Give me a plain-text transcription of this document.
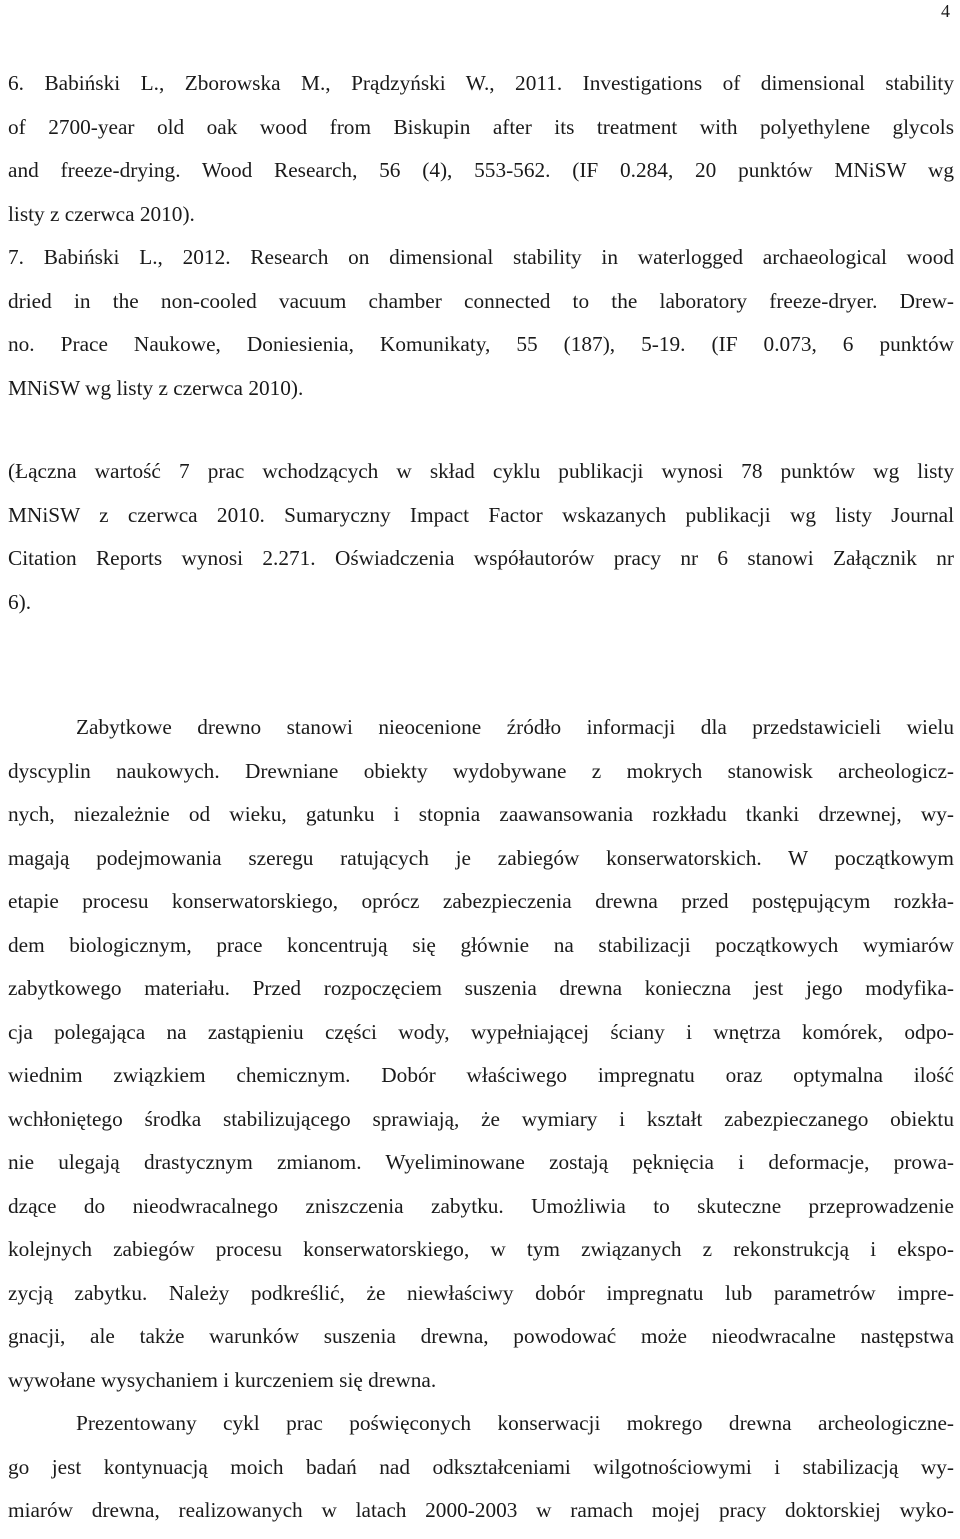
4
6. Babiński L., Zborowska M., Prądzyński W., 2011. Investigations of dimensional stability
of 2700-year old oak wood from Biskupin after its treatment with polyethylene glycols
and freeze-drying. Wood Research, 56 (4), 553-562. (IF 0.284, 20 punktów MNiSW wg
listy z czerwca 2010).
7. Babiński L., 2012. Research on dimensional stability in waterlogged archaeological wood
dried in the non-cooled vacuum chamber connected to the laboratory freeze-dryer. Drew-
no. Prace Naukowe, Doniesienia, Komunikaty, 55 (187), 5-19. (IF 0.073, 6 punktów
MNiSW wg listy z czerwca 2010).
(Łączna wartość 7 prac wchodzących w skład cyklu publikacji wynosi 78 punktów wg listy
MNiSW z czerwca 2010. Sumaryczny Impact Factor wskazanych publikacji wg listy Journal
Citation Reports wynosi 2.271. Oświadczenia współautorów pracy nr 6 stanowi Załącznik nr
6).
Zabytkowe drewno stanowi nieocenione źródło informacji dla przedstawicieli wielu
dyscyplin naukowych. Drewniane obiekty wydobywane z mokrych stanowisk archeologicz-
nych, niezależnie od wieku, gatunku i stopnia zaawansowania rozkładu tkanki drzewnej, wy-
magają podejmowania szeregu ratujących je zabiegów konserwatorskich. W początkowym
etapie procesu konserwatorskiego, oprócz zabezpieczenia drewna przed postępującym rozkła-
dem biologicznym, prace koncentrują się głównie na stabilizacji początkowych wymiarów
zabytkowego materiału. Przed rozpoczęciem suszenia drewna konieczna jest jego modyfika-
cja polegająca na zastąpieniu części wody, wypełniającej ściany i wnętrza komórek, odpo-
wiednim związkiem chemicznym. Dobór właściwego impregnatu oraz optymalna ilość
wchłoniętego środka stabilizującego sprawiają, że wymiary i kształt zabezpieczanego obiektu
nie ulegają drastycznym zmianom. Wyeliminowane zostają pęknięcia i deformacje, prowa-
dzące do nieodwracalnego zniszczenia zabytku. Umożliwia to skuteczne przeprowadzenie
kolejnych zabiegów procesu konserwatorskiego, w tym związanych z rekonstrukcją i ekspo-
zycją zabytku. Należy podkreślić, że niewłaściwy dobór impregnatu lub parametrów impre-
gnacji, ale także warunków suszenia drewna, powodować może nieodwracalne następstwa
wywołane wysychaniem i kurczeniem się drewna.
Prezentowany cykl prac poświęconych konserwacji mokrego drewna archeologiczne-
go jest kontynuacją moich badań nad odkształceniami wilgotnościowymi i stabilizacją wy-
miarów drewna, realizowanych w latach 2000-2003 w ramach mojej pracy doktorskiej wyko-
